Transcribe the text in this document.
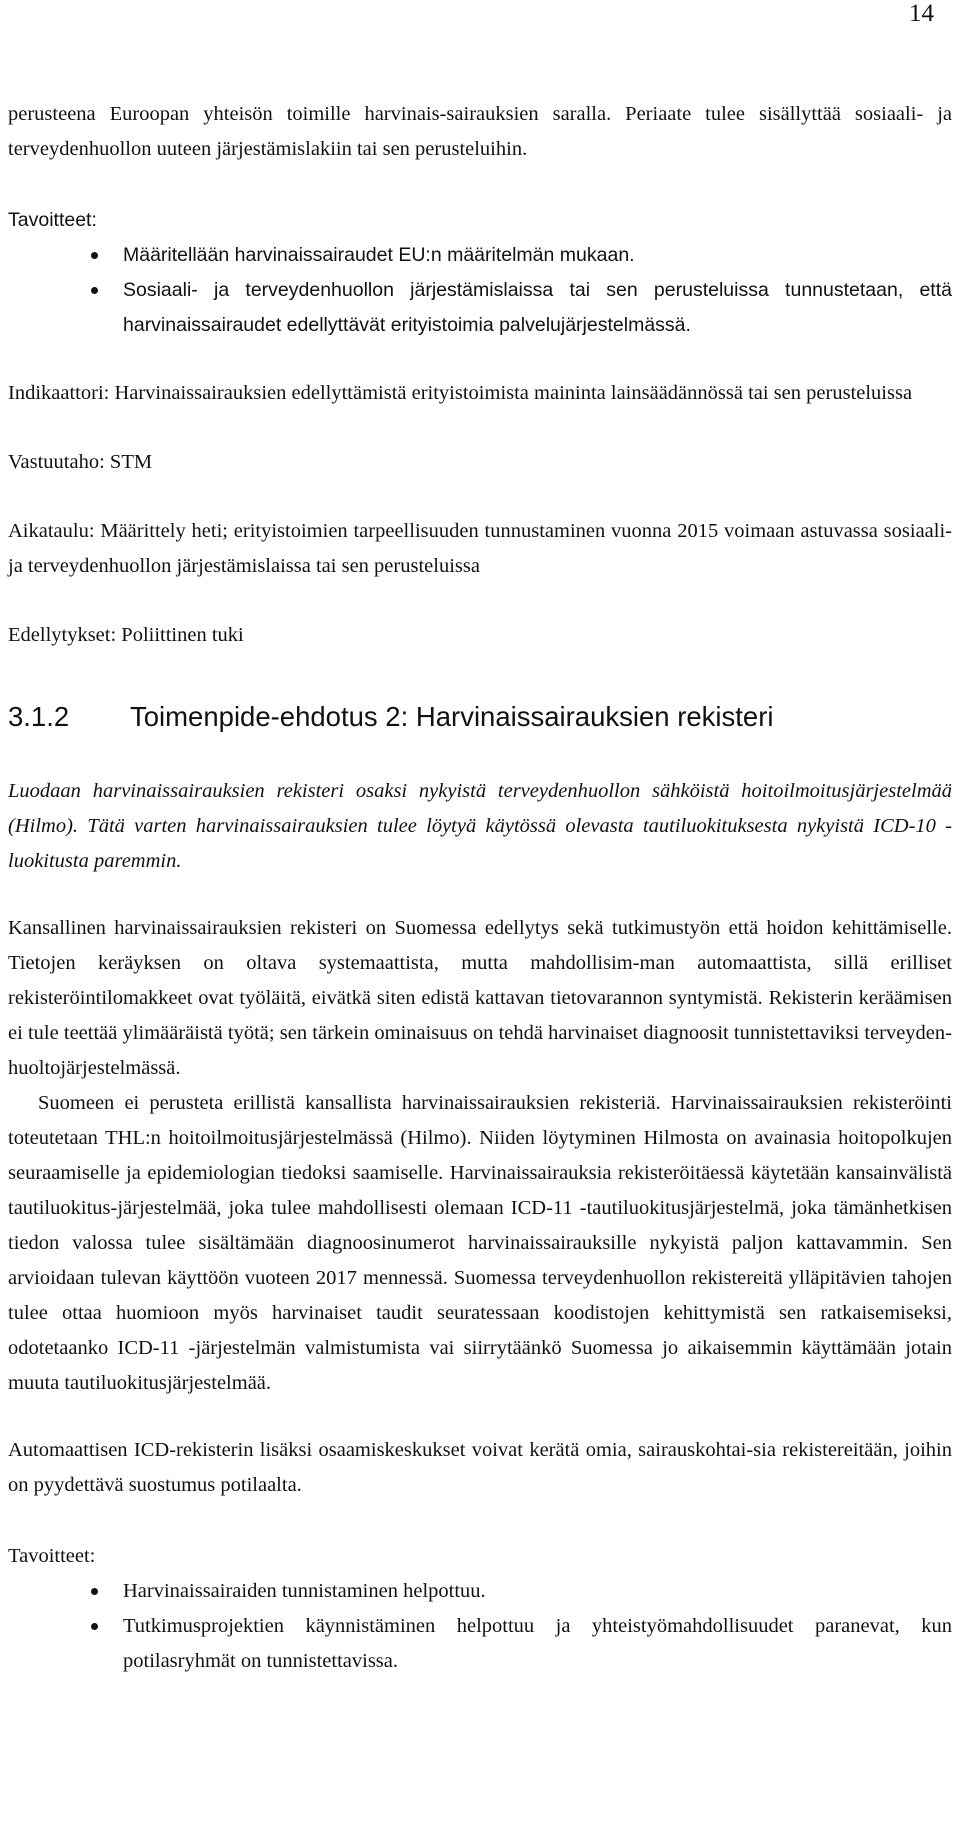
14

perusteena Euroopan yhteisön toimille harvinais-sairauksien saralla. Periaate tulee sisällyttää sosiaali- ja terveydenhuollon uuteen järjestämislakiin tai sen perusteluihin.

Tavoitteet:

Määritellään harvinaissairaudet EU:n määritelmän mukaan.
Sosiaali- ja terveydenhuollon järjestämislaissa tai sen perusteluissa tunnustetaan, että harvinaissairaudet edellyttävät erityistoimia palvelujärjestelmässä.

Indikaattori: Harvinaissairauksien edellyttämistä erityistoimista maininta lainsäädännössä tai sen perusteluissa

Vastuutaho: STM

Aikataulu: Määrittely heti; erityistoimien tarpeellisuuden tunnustaminen vuonna 2015 voimaan astuvassa sosiaali- ja terveydenhuollon järjestämislaissa tai sen perusteluissa

Edellytykset: Poliittinen tuki

3.1.2 Toimenpide-ehdotus 2: Harvinaissairauksien rekisteri

Luodaan harvinaissairauksien rekisteri osaksi nykyistä terveydenhuollon sähköistä hoitoilmoitusjärjestelmää (Hilmo). Tätä varten harvinaissairauksien tulee löytyä käytössä olevasta tautiluokituksesta nykyistä ICD-10 -luokitusta paremmin.

Kansallinen harvinaissairauksien rekisteri on Suomessa edellytys sekä tutkimustyön että hoidon kehittämiselle. Tietojen keräyksen on oltava systemaattista, mutta mahdollisim-man automaattista, sillä erilliset rekisteröintilomakkeet ovat työläitä, eivätkä siten edistä kattavan tietovarannon syntymistä. Rekisterin keräämisen ei tule teettää ylimääräistä työtä; sen tärkein ominaisuus on tehdä harvinaiset diagnoosit tunnistettaviksi terveyden-huoltojärjestelmässä.

Suomeen ei perusteta erillistä kansallista harvinaissairauksien rekisteriä. Harvinaissairauksien rekisteröinti toteutetaan THL:n hoitoilmoitusjärjestelmässä (Hilmo). Niiden löytyminen Hilmosta on avainasia hoitopolkujen seuraamiselle ja epidemiologian tiedoksi saamiselle. Harvinaissairauksia rekisteröitäessä käytetään kansainvälistä tautiluokitus-järjestelmää, joka tulee mahdollisesti olemaan ICD-11 -tautiluokitusjärjestelmä, joka tämänhetkisen tiedon valossa tulee sisältämään diagnoosinumerot harvinaissairauksille nykyistä paljon kattavammin. Sen arvioidaan tulevan käyttöön vuoteen 2017 mennessä. Suomessa terveydenhuollon rekistereitä ylläpitävien tahojen tulee ottaa huomioon myös harvinaiset taudit seuratessaan koodistojen kehittymistä sen ratkaisemiseksi, odotetaanko ICD-11 -järjestelmän valmistumista vai siirrytäänkö Suomessa jo aikaisemmin käyttämään jotain muuta tautiluokitusjärjestelmää.

Automaattisen ICD-rekisterin lisäksi osaamiskeskukset voivat kerätä omia, sairauskohtai-sia rekistereitään, joihin on pyydettävä suostumus potilaalta.

Tavoitteet:

Harvinaissairaiden tunnistaminen helpottuu.
Tutkimusprojektien käynnistäminen helpottuu ja yhteistyömahdollisuudet paranevat, kun potilasryhmät on tunnistettavissa.
